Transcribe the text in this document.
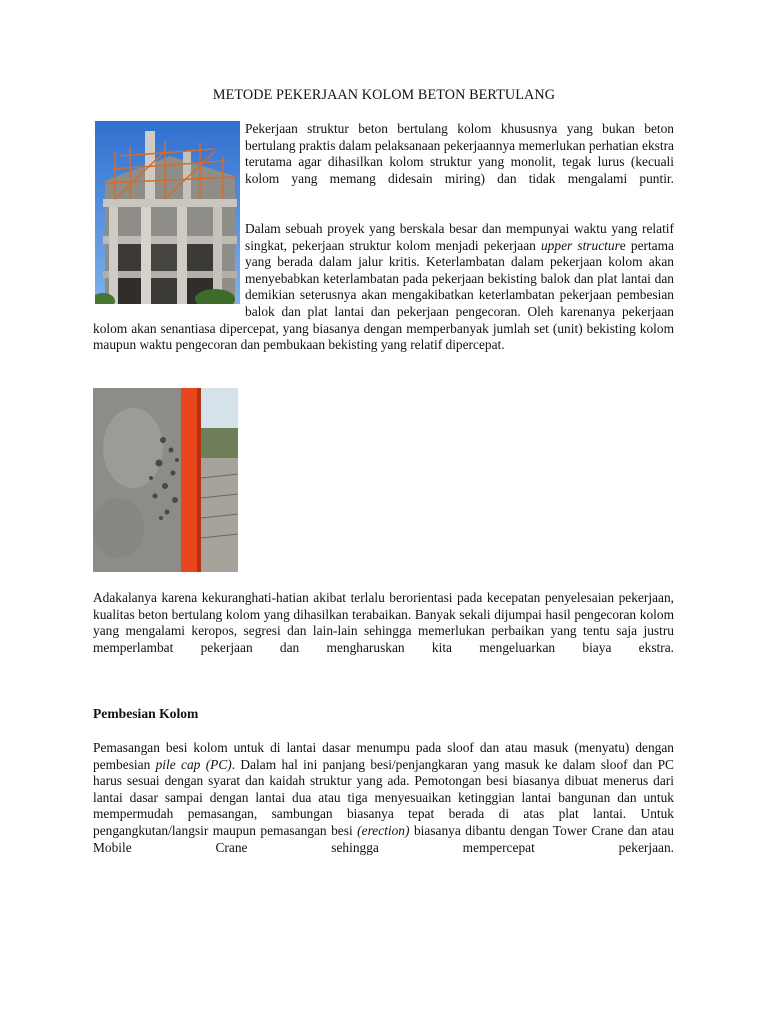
METODE PEKERJAAN KOLOM BETON BERTULANG
Pekerjaan struktur beton bertulang kolom khususnya yang bukan beton bertulang praktis dalam pelaksanaan pekerjaannya memerlukan perhatian ekstra terutama agar dihasilkan kolom struktur yang monolit, tegak lurus (kecuali kolom yang memang didesain miring) dan tidak mengalami puntir.
Dalam sebuah proyek yang berskala besar dan mempunyai waktu yang relatif singkat, pekerjaan struktur kolom menjadi pekerjaan upper structure pertama yang berada dalam jalur kritis. Keterlambatan dalam pekerjaan kolom akan menyebabkan keterlambatan pada pekerjaan bekisting balok dan plat lantai dan demikian seterusnya akan mengakibatkan keterlambatan pekerjaan pembesian balok dan plat lantai dan pekerjaan pengecoran. Oleh karenanya pekerjaan kolom akan senantiasa dipercepat, yang biasanya dengan memperbanyak jumlah set (unit) bekisting kolom maupun waktu pengecoran dan pembukaan bekisting yang relatif dipercepat.
Adakalanya karena kekuranghati-hatian akibat terlalu berorientasi pada kecepatan penyelesaian pekerjaan, kualitas beton bertulang kolom yang dihasilkan terabaikan. Banyak sekali dijumpai hasil pengecoran kolom yang mengalami keropos, segresi dan lain-lain sehingga memerlukan perbaikan yang tentu saja justru memperlambat pekerjaan dan mengharuskan kita mengeluarkan biaya ekstra.
Pembesian Kolom
Pemasangan besi kolom untuk di lantai dasar menumpu pada sloof dan atau masuk (menyatu) dengan pembesian pile cap (PC). Dalam hal ini panjang besi/penjangkaran yang masuk ke dalam sloof dan PC harus sesuai dengan syarat dan kaidah struktur yang ada. Pemotongan besi biasanya dibuat menerus dari lantai dasar sampai dengan lantai dua atau tiga menyesuaikan ketinggian lantai bangunan dan untuk mempermudah pemasangan, sambungan biasanya tepat berada di atas plat lantai. Untuk pengangkutan/langsir maupun pemasangan besi (erection) biasanya dibantu dengan Tower Crane dan atau Mobile Crane sehingga mempercepat pekerjaan.
